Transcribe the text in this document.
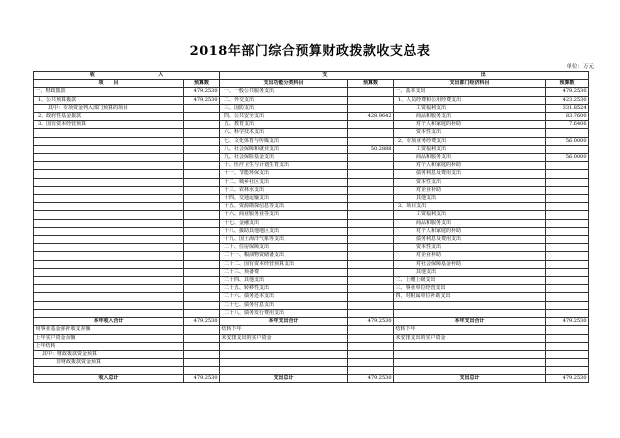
2018年部门综合预算财政拨款收支总表
单位：万元
收 入		支 出			
项　　目	预算数	支出功能分类科目	预算数	支出部门经济科目	预算数
一、财政拨款	479.2530	一、一般公共服务支出		一、基本支出	479.2530
1、公共预算拨款	479.2530	二、外交支出		1、人员经费和公用经费支出	423.2530
其中：专项资金列入部门预算的项目		三、国防支出		工资福利支出	331.8524
2、政府性基金拨款		四、公共安全支出	428.9642	商品和服务支出	83.7600
3、国有资本经营预算		五、教育支出		对个人和家庭的补助	7.6406
		六、科学技术支出		资本性支出	
		七、文化体育与传媒支出		2、专项业务经费支出	56.0000
		八、社会保障和就业支出	50.2888	工资福利支出	
		九、社会保险基金支出		商品和服务支出	56.0000
		十、医疗卫生与计划生育支出		对个人和家庭的补助	
		十一、节能环保支出		债务利息及费用支出	
		十二、城乡社区支出		资本性支出	
		十三、农林水支出		对企业补助	
		十四、交通运输支出		其他支出	
		十五、资源勘探信息等支出		3、项目支出	
		十六、商业服务业等支出		工资福利支出	
		十七、金融支出		商品和服务支出	
		十八、援助其他地区支出		对个人和家庭的补助	
		十九、国土海洋气象等支出		债务利息及费用支出	
		二十、住房保障支出		资本性支出	
		二十一、粮油物资储备支出		对企业补助	
		二十二、国有资本经营预算支出		对社会保障基金补助	
		二十三、预备费		其他支出	
		二十四、其他支出		二、上缴上级支出	
		二十五、转移性支出		三、事业单位经营支出	
		二十六、债务还本支出		四、对附属单位补助支出	
		二十七、债务付息支出			
		二十八、债务发行费用支出			
本年收入合计	479.2530	本年支出合计	479.2530	本年支出合计	479.2530
用事业基金弥补收支差额		结转下年		结转下年	
上年实户资金余额		未安排支出的实户资金		未安排支出的实户资金	
上年结转					
其中：财政拨款资金预算					
非财政拨款资金预算					

收入总计	479.2530	支出总计	479.2530	支出总计	479.2530
